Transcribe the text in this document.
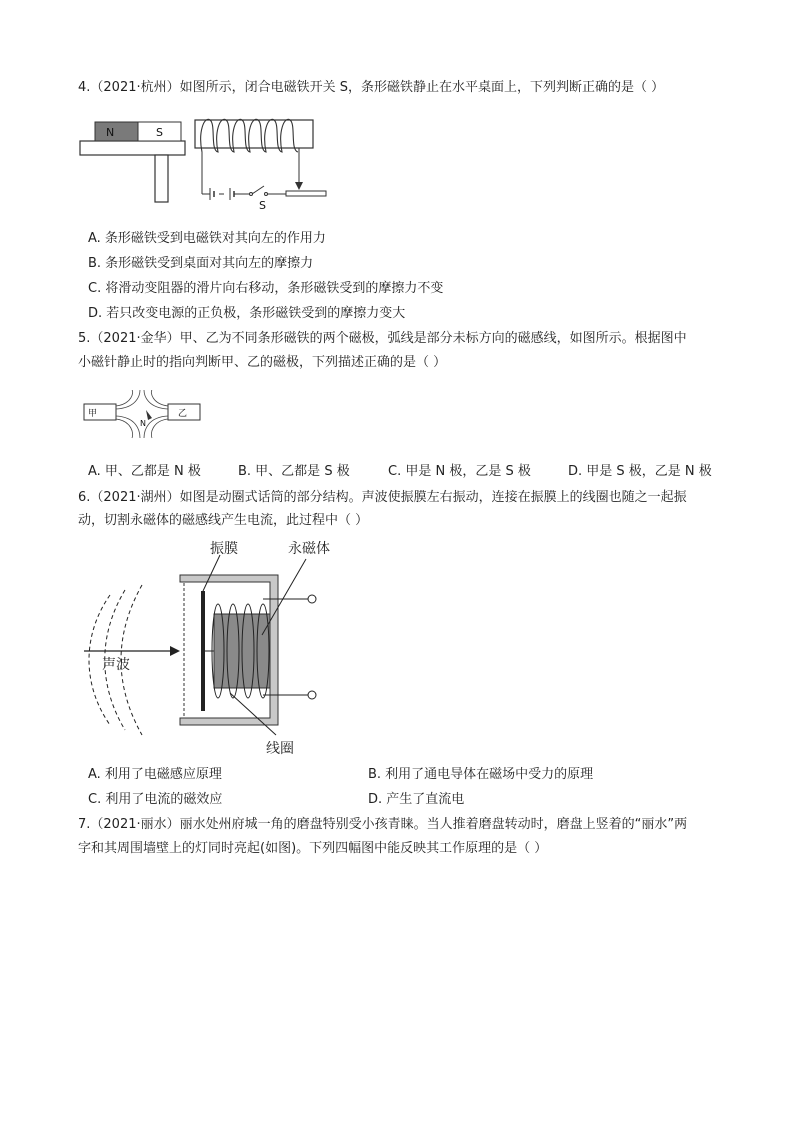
4.（2021·杭州）如图所示，闭合电磁铁开关 S，条形磁铁静止在水平桌面上，下列判断正确的是（ ）
N	S
S
A. 条形磁铁受到电磁铁对其向左的作用力
B. 条形磁铁受到桌面对其向左的摩擦力
C. 将滑动变阻器的滑片向右移动，条形磁铁受到的摩擦力不变
D. 若只改变电源的正负极，条形磁铁受到的摩擦力变大
5.（2021·金华）甲、乙为不同条形磁铁的两个磁极，弧线是部分未标方向的磁感线，如图所示。根据图中
小磁针静止时的指向判断甲、乙的磁极，下列描述正确的是（ ）
甲	乙
N
A. 甲、乙都是 N 极	B. 甲、乙都是 S 极	C. 甲是 N 极，乙是 S 极	D. 甲是 S 极，乙是 N 极
6.（2021·湖州）如图是动圈式话筒的部分结构。声波使振膜左右振动，连接在振膜上的线圈也随之一起振
动，切割永磁体的磁感线产生电流，此过程中（ ）
振膜	永磁体
声波
线圈
A. 利用了电磁感应原理	B. 利用了通电导体在磁场中受力的原理
C. 利用了电流的磁效应	D. 产生了直流电
7.（2021·丽水）丽水处州府城一角的磨盘特别受小孩青睐。当人推着磨盘转动时，磨盘上竖着的“丽水”两
字和其周围墙壁上的灯同时亮起(如图)。下列四幅图中能反映其工作原理的是（ ）
